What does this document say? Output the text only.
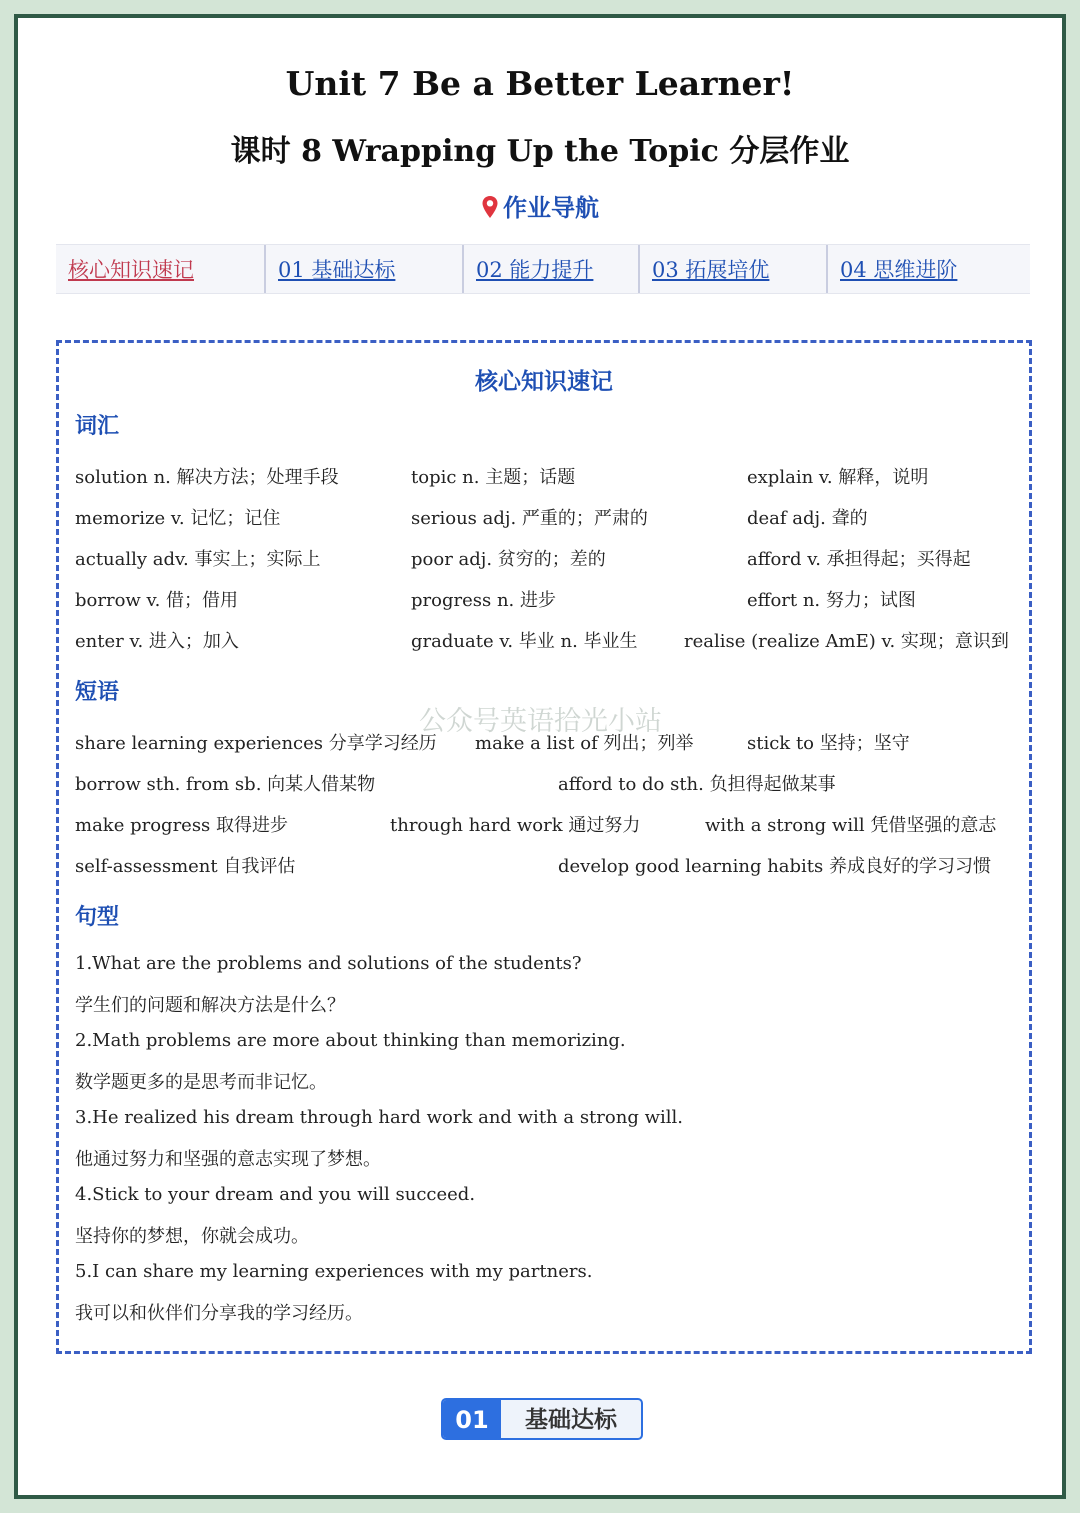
Unit 7 Be a Better Learner!
课时 8 Wrapping Up the Topic 分层作业
作业导航
核心知识速记	01 基础达标	02 能力提升	03 拓展培优	04 思维进阶
核心知识速记
词汇
solution n. 解决方法；处理手段	topic n. 主题；话题	explain v. 解释，说明
memorize v. 记忆；记住	serious adj. 严重的；严肃的	deaf adj. 聋的
actually adv. 事实上；实际上	poor adj. 贫穷的；差的	afford v. 承担得起；买得起
borrow v. 借；借用	progress n. 进步	effort n. 努力；试图
enter v. 进入；加入	graduate v. 毕业 n. 毕业生	realise (realize AmE) v. 实现；意识到
公众号英语拾光小站
短语
share learning experiences 分享学习经历 make a list of 列出；列举	stick to 坚持；坚守
borrow sth. from sb. 向某人借某物	afford to do sth. 负担得起做某事
make progress 取得进步	through hard work 通过努力	with a strong will 凭借坚强的意志
self-assessment 自我评估	develop good learning habits 养成良好的学习习惯
句型
1.What are the problems and solutions of the students?
学生们的问题和解决方法是什么？
2.Math problems are more about thinking than memorizing.
数学题更多的是思考而非记忆。
3.He realized his dream through hard work and with a strong will.
他通过努力和坚强的意志实现了梦想。
4.Stick to your dream and you will succeed.
坚持你的梦想，你就会成功。
5.I can share my learning experiences with my partners.
我可以和伙伴们分享我的学习经历。
01	基础达标
